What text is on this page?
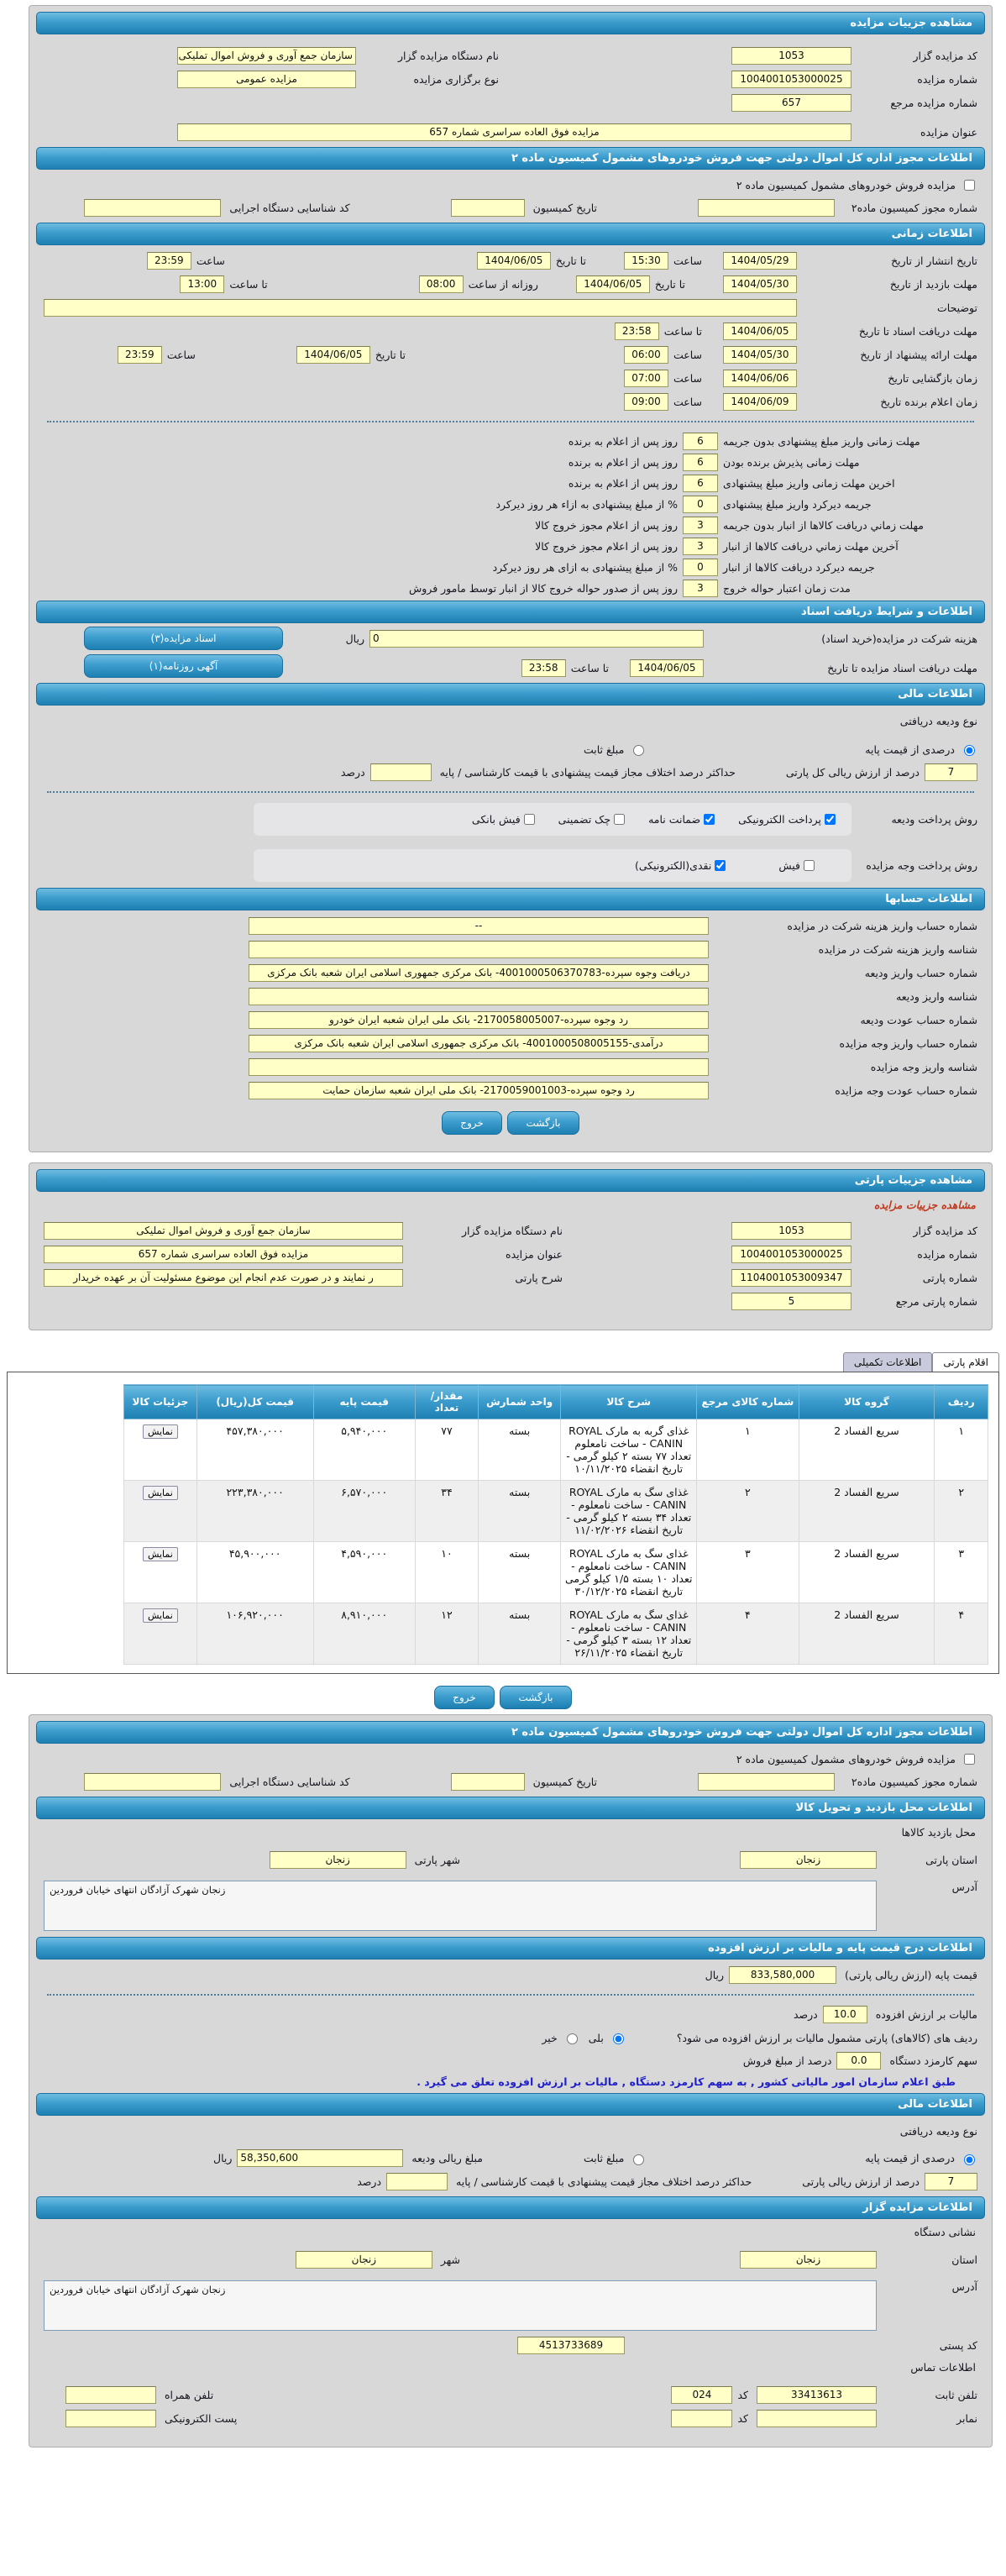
مشاهده جزییات مزایده
کد مزایده گزار
1053
شماره مزایده
1004001053000025
شماره مزایده مرجع
657
نام دستگاه مزایده گزار
سازمان جمع آوری و فروش اموال تملیکی
نوع برگزاری مزایده
مزایده عمومی
عنوان مزایده
مزایده فوق العاده سراسری شماره 657
اطلاعات مجوز اداره کل اموال دولتی جهت فروش خودروهای مشمول کمیسیون ماده ۲
مزایده فروش خودروهای مشمول کمیسیون ماده ۲
شماره مجوز کمیسیون ماده۲
تاریخ کمیسیون
کد شناسایی دستگاه اجرایی
اطلاعات زمانی
تاریخ انتشار از تاریخ
1404/05/29
ساعت
15:30
تا تاریخ
1404/06/05
ساعت
23:59
مهلت بازدید از تاریخ
1404/05/30
تا تاریخ
1404/06/05
روزانه از ساعت
08:00
تا ساعت
13:00
توضیحات
مهلت دریافت اسناد تا تاریخ
1404/06/05
تا ساعت
23:58
مهلت ارائه پیشنهاد از تاریخ
1404/05/30
ساعت
06:00
تا تاریخ
1404/06/05
ساعت
23:59
زمان بازگشایی تاریخ
1404/06/06
ساعت
07:00
زمان اعلام برنده تاریخ
1404/06/09
ساعت
09:00
مهلت زمانی واریز مبلغ پیشنهادی بدون جریمه
6
روز پس از اعلام به برنده
مهلت زمانی پذیرش برنده بودن
6
روز پس از اعلام به برنده
اخرین مهلت زمانی واریز مبلغ پیشنهادی
6
روز پس از اعلام به برنده
جریمه دیرکرد واریز مبلغ پیشنهادی
0
% از مبلغ پیشنهادی به ازاء هر روز دیرکرد
مهلت زماني دریافت کالاها از انبار بدون جریمه
3
روز پس از اعلام مجوز خروج کالا
آخرین مهلت زماني دریافت کالاها از انبار
3
روز پس از اعلام مجوز خروج کالا
جریمه دیرکرد دریافت کالاها از انبار
0
% از مبلغ پیشنهادی به ازای هر روز دیرکرد
مدت زمان اعتبار حواله خروج
3
روز پس از صدور حواله خروج کالا از انبار توسط مامور فروش
اطلاعات و شرایط دریافت اسناد
هزینه شرکت در مزایده(خرید اسناد)
0
ریال
اسناد مزایده(۳)
مهلت دریافت اسناد مزایده تا تاریخ
1404/06/05
تا ساعت
23:58
آگهی روزنامه(۱)
اطلاعات مالی
نوع ودیعه دریافتی
درصدی از قیمت پایه
مبلغ ثابت
7
درصد از ارزش ریالی کل پارتی
حداکثر درصد اختلاف مجاز قیمت پیشنهادی با قیمت کارشناسی / پایه
درصد
روش پرداخت ودیعه
پرداخت الکترونیکی
ضمانت نامه
چک تضمینی
فیش بانکی
روش پرداخت وجه مزایده
فیش
نقدی(الکترونیکی)
اطلاعات حسابها
شماره حساب واریز هزینه شرکت در مزایده
--
شناسه واریز هزینه شرکت در مزایده
شماره حساب واریز ودیعه
دریافت وجوه سپرده-4001000506370783- بانک مرکزی جمهوری اسلامی ایران شعبه بانک مرکزی
شناسه واریز ودیعه
شماره حساب عودت ودیعه
رد وجوه سپرده-2170058005007- بانک ملی ایران شعبه ایران خودرو
شماره حساب واریز وجه مزایده
درآمدی-4001000508005155- بانک مرکزی جمهوری اسلامی ایران شعبه بانک مرکزی
شناسه واریز وجه مزایده
شماره حساب عودت وجه مزایده
رد وجوه سپرده-2170059001003- بانک ملی ایران شعبه سازمان حمایت
بازگشت
خروج
مشاهده جزییات پارتی
مشاهده جزییات مزایده
کد مزایده گزار
1053
شماره مزایده
1004001053000025
شماره پارتی
1104001053009347
شماره پارتی مرجع
5
نام دستگاه مزایده گزار
سازمان جمع آوری و فروش اموال تملیکی
عنوان مزایده
مزایده فوق العاده سراسری شماره 657
شرح پارتی
ر نمایند و در صورت عدم انجام این موضوع مسئولیت آن بر عهده خریدار
اقلام پارتی
اطلاعات تکمیلی
ردیف	گروه کالا	شماره کالای مرجع	شرح کالا	واحد شمارش	مقدار/ تعداد	قیمت پایه	قیمت کل(ریال)	جزئیات کالا
۱	سریع الفساد 2	۱	غذای گربه به مارک ROYAL CANIN - ساخت نامعلوم تعداد ۷۷ بسته ۲ کیلو گرمی - تاریخ انقضاء ۱۰/۱۱/۲۰۲۵	بسته	۷۷	۵,۹۴۰,۰۰۰	۴۵۷,۳۸۰,۰۰۰	نمایش
۲	سریع الفساد 2	۲	غذای سگ به مارک ROYAL CANIN - ساخت نامعلوم - تعداد ۳۴ بسته ۲ کیلو گرمی - تاریخ انقضاء ۱۱/۰۲/۲۰۲۶	بسته	۳۴	۶,۵۷۰,۰۰۰	۲۲۳,۳۸۰,۰۰۰	نمایش
۳	سریع الفساد 2	۳	غذای سگ به مارک ROYAL CANIN - ساخت نامعلوم - تعداد ۱۰ بسته ۱/۵ کیلو گرمی تاریخ انقضاء ۳۰/۱۲/۲۰۲۵	بسته	۱۰	۴,۵۹۰,۰۰۰	۴۵,۹۰۰,۰۰۰	نمایش
۴	سریع الفساد 2	۴	غذای سگ به مارک ROYAL CANIN - ساخت نامعلوم - تعداد ۱۲ بسته ۳ کیلو گرمی - تاریخ انقضاء ۲۶/۱۱/۲۰۲۵	بسته	۱۲	۸,۹۱۰,۰۰۰	۱۰۶,۹۲۰,۰۰۰	نمایش
بازگشت
خروج
اطلاعات مجوز اداره کل اموال دولتی جهت فروش خودروهای مشمول کمیسیون ماده ۲
مزایده فروش خودروهای مشمول کمیسیون ماده ۲
شماره مجوز کمیسیون ماده۲
تاریخ کمیسیون
کد شناسایی دستگاه اجرایی
اطلاعات محل بازدید و تحویل کالا
محل بازدید کالاها
استان پارتی
زنجان
شهر پارتی
زنجان
آدرس
زنجان شهرک آزادگان انتهای خیابان فروردین
اطلاعات درج قیمت پایه و مالیات بر ارزش افزوده
قیمت پایه (ارزش ریالی پارتی)
833,580,000
ریال
مالیات بر ارزش افزوده
10.0
درصد
ردیف های (کالاهای) پارتی مشمول مالیات بر ارزش افزوده می شود؟
بلی
خیر
سهم کارمزد دستگاه
0.0
درصد از مبلغ فروش
طبق اعلام سازمان امور مالیاتی کشور , به سهم کارمزد دستگاه , مالیات بر ارزش افزوده تعلق می گیرد .
اطلاعات مالی
نوع ودیعه دریافتی
درصدی از قیمت پایه
مبلغ ثابت
مبلغ ریالی ودیعه
58,350,600
ریال
7
درصد از ارزش ریالی پارتی
حداکثر درصد اختلاف مجاز قیمت پیشنهادی با قیمت کارشناسی / پایه
درصد
اطلاعات مزایده گزار
نشانی دستگاه
استان
زنجان
شهر
زنجان
آدرس
زنجان شهرک آزادگان انتهای خیابان فروردین
کد پستی
4513733689
اطلاعات تماس
تلفن ثابت
33413613
کد
024
نمابر
کد
تلفن همراه
پست الکترونیکی
